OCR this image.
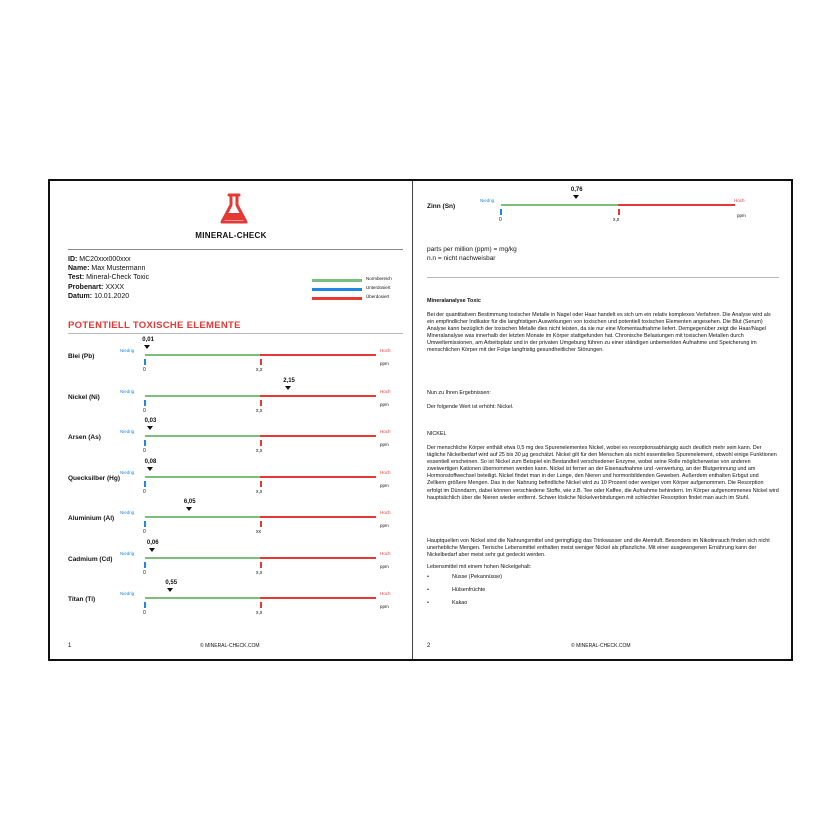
MINERAL-CHECK
ID: MC20xxx000xxx
Name: Max Mustermann
Test: Mineral-Check Toxic
Probenart: XXXX
Datum: 10.01.2020
Normbereich
Unterdosiert
Überdosiert
POTENTIELL TOXISCHE ELEMENTE
Blei (Pb)
0,01
Niedrig	Hoch
ppm
0	x,x
Nickel (Ni)
2,15
Niedrig	Hoch
ppm
0	x,x
Arsen (As)
0,03
Niedrig	Hoch
ppm
0	x,x
Quecksilber (Hg)
0,08
Niedrig	Hoch
ppm
0	x,x
Aluminium (Al)
6,05
Niedrig	Hoch
ppm
0	xx
Cadmium (Cd)
0,06
Niedrig	Hoch
ppm
0	x,x
Titan (Ti)
0,55
Niedrig	Hoch
ppm
0	x,x
1	© MINERAL-CHECK.COM
Zinn (Sn)
0,76
Niedrig	Hoch
ppm
0	x,x
parts per million (ppm) = mg/kg
n.n = nicht nachweisbar
Mineralanalyse Toxic
Bei der quantitativen Bestimmung toxischer Metalle in Nagel oder Haar handelt es sich um ein relativ komplexes Verfahren. Die Analyse wird als ein empfindlicher Indikator für die langfristigen Auswirkungen von toxischen und potentiell toxischen Elementen angesehen. Die Blut (Serum) Analyse kann bezüglich der toxischen Metalle dies nicht leisten, da sie nur eine Momentaufnahme liefert. Demgegenüber zeigt die Haar/Nagel Mineralanalyse was innerhalb der letzten Monate im Körper stattgefunden hat. Chronische Belastungen mit toxischen Metallen durch Umweltemissionen, am Arbeitsplatz und in der privaten Umgebung führen zu einer ständigen unbemerkten Aufnahme und Speicherung im menschlichen Körper mit der Folge langfristig gesundheitlicher Störungen.
Nun zu Ihren Ergebnissen:
Der folgende Wert ist erhöht: Nickel.
NICKEL
Der menschliche Körper enthält etwa 0,5 mg des Spurenelementes Nickel, wobei es resorptionsabhängig auch deutlich mehr sein kann. Der tägliche Nickelbedarf wird auf 25 bis 30 µg geschätzt. Nickel gilt für den Menschen als nicht essentielles Spurenelement, obwohl einige Funktionen essentiell erscheinen. So ist Nickel zum Beispiel ein Bestandteil verschiedener Enzyme, wobei seine Rolle möglicherweise von anderen zweiwertigen Kationen übernommen werden kann. Nickel ist ferner an der Eisenaufnahme und -verwertung, an der Blutgerinnung und am Hormonstoffwechsel beteiligt. Nickel findet man in der Lunge, den Nieren und hormonbildenden Geweben. Außerdem enthalten Erbgut und Zellkern größere Mengen. Das in der Nahrung befindliche Nickel wird zu 10 Prozent oder weniger vom Körper aufgenommen. Die Resorption erfolgt im Dünndarm, dabei können verschiedene Stoffe, wie z.B. Tee oder Kaffee, die Aufnahme behindern. Im Körper aufgenommenes Nickel wird hauptsächlich über die Nieren wieder entfernt. Schwer lösliche Nickelverbindungen mit schlechter Resorption findet man auch im Stuhl.
Hauptquellen von Nickel sind die Nahrungsmittel und geringfügig das Trinkwasser und die Atemluft. Besonders im Nikotinrauch finden sich nicht unerhebliche Mengen. Tierische Lebensmittel enthalten meist weniger Nickel als pflanzliche. Mit einer ausgewogenen Ernährung kann der Nickelbedarf aber meist sehr gut gedeckt werden.
Lebensmittel mit einem hohen Nickelgehalt:
•	Nüsse (Pekannüsse)
•	Hülsenfrüchte
•	Kakao
2	© MINERAL-CHECK.COM
